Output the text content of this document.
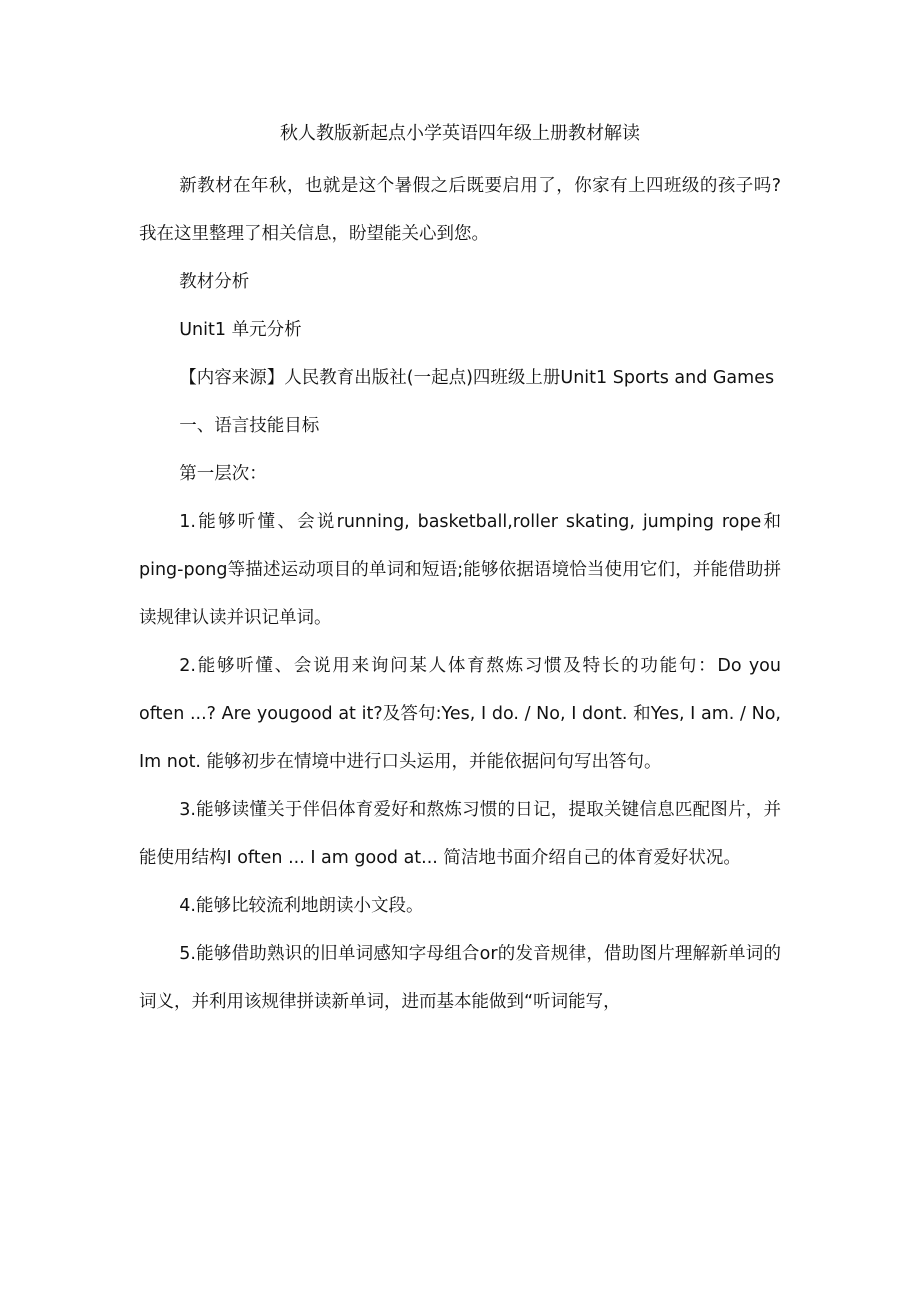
秋人教版新起点小学英语四年级上册教材解读

新教材在年秋，也就是这个暑假之后既要启用了，你家有上四班级的孩子吗?我在这里整理了相关信息，盼望能关心到您。

教材分析

Unit1 单元分析

【内容来源】人民教育出版社(一起点)四班级上册Unit1 Sports and Games

一、语言技能目标

第一层次：

1.能够听懂、会说running, basketball,roller skating, jumping rope和ping-pong等描述运动项目的单词和短语;能够依据语境恰当使用它们，并能借助拼读规律认读并识记单词。

2.能够听懂、会说用来询问某人体育熬炼习惯及特长的功能句：Do you often ...? Are yougood at it?及答句:Yes, I do. / No, I dont. 和Yes, I am. / No, Im not. 能够初步在情境中进行口头运用，并能依据问句写出答句。

3.能够读懂关于伴侣体育爱好和熬炼习惯的日记，提取关键信息匹配图片，并能使用结构I often ... I am good at... 简洁地书面介绍自己的体育爱好状况。

4.能够比较流利地朗读小文段。

5.能够借助熟识的旧单词感知字母组合or的发音规律，借助图片理解新单词的词义，并利用该规律拼读新单词，进而基本能做到“听词能写，
